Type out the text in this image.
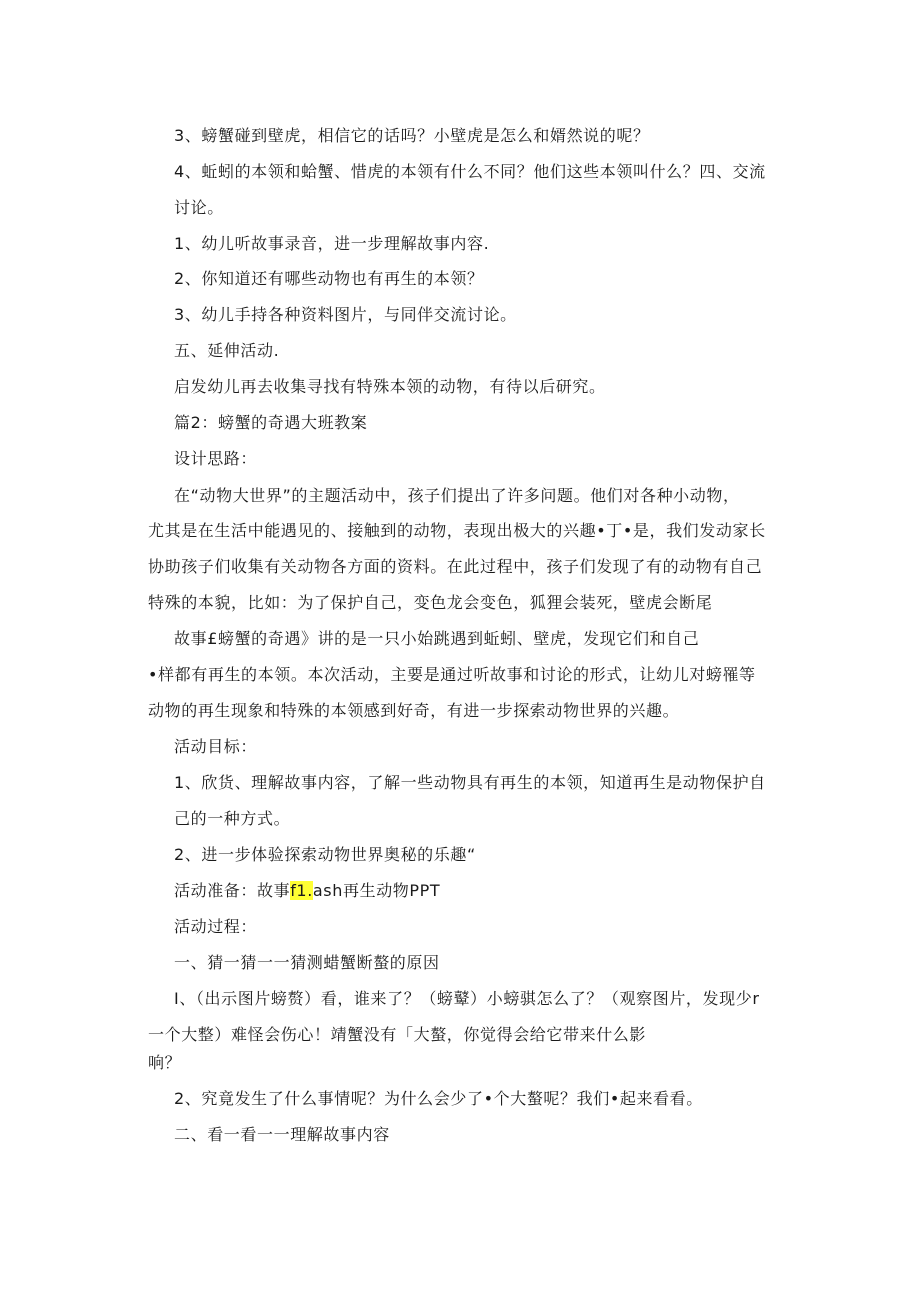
3、螃蟹碰到壁虎，相信它的话吗？小壁虎是怎么和婿然说的呢？
4、蚯蚓的本领和蛤蟹、惜虎的本领有什么不同？他们这些本领叫什么？四、交流
讨论。
1、幼儿听故事录音，进一步理解故事内容.
2、你知道还有哪些动物也有再生的本领？
3、幼儿手持各种资料图片，与同伴交流讨论。
五、延伸活动.
启发幼儿再去收集寻找有特殊本领的动物，有待以后研究。
篇2：螃蟹的奇遇大班教案
设计思路：
在“动物大世界”的主题活动中，孩子们提出了许多问题。他们对各种小动物，
尤其是在生活中能遇见的、接触到的动物，表现出极大的兴趣•丁•是，我们发动家长
协助孩子们收集有关动物各方面的资料。在此过程中，孩子们发现了有的动物有自己
特殊的本貌，比如：为了保护自己，变色龙会变色，狐狸会装死，壁虎会断尾
故事£螃蟹的奇遇》讲的是一只小始跳遇到蚯蚓、壁虎，发现它们和自己
•样都有再生的本领。本次活动，主要是通过听故事和讨论的形式，让幼儿对螃罹等
动物的再生现象和特殊的本领感到好奇，有进一步探索动物世界的兴趣。
活动目标：
1、欣货、理解故事内容，了解一些动物具有再生的本领，知道再生是动物保护自
己的一种方式。
2、进一步体验探索动物世界奥秘的乐趣“
活动准备：故事f1.ash再生动物PPT
活动过程：
一、猜一猜一一猜测蜡蟹断螯的原因
I、（出示图片螃赘）看，谁来了？（螃鼙）小螃骐怎么了？（观察图片，发现少r
一个大整）难怪会伤心！靖蟹没有「大螯，你觉得会给它带来什么影
响？
2、究竟发生了什么事情呢？为什么会少了•个大螯呢？我们•起来看看。
二、看一看一一理解故事内容
